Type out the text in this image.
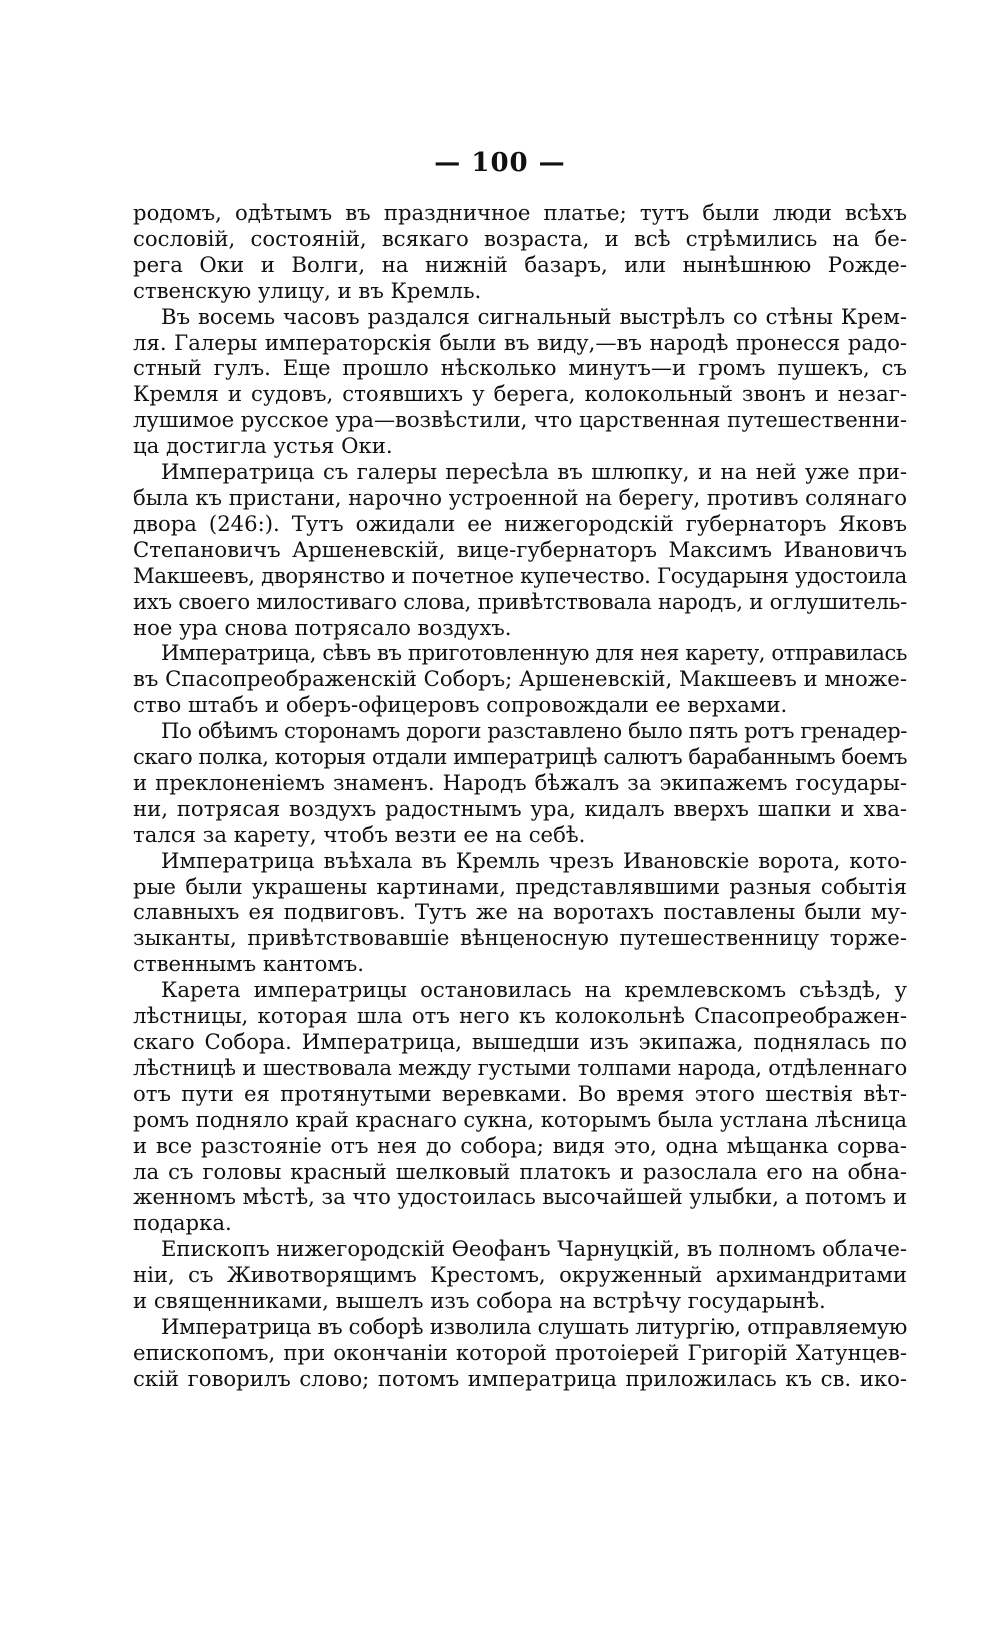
— 100 —
родомъ, одѣтымъ въ праздничное платье; тутъ были люди всѣхъ
сословій, состояній, всякаго возраста, и всѣ стрѣмились на бе-
рега Оки и Волги, на нижній базаръ, или нынѣшнюю Рожде-
ственскую улицу, и въ Кремль.
Въ восемь часовъ раздался сигнальный выстрѣлъ со стѣны Крем-
ля. Галеры императорскія были въ виду,—въ народѣ пронесся радо-
стный гулъ. Еще прошло нѣсколько минутъ—и громъ пушекъ, съ
Кремля и судовъ, стоявшихъ у берега, колокольный звонъ и незаг-
лушимое русское ура—возвѣстили, что царственная путешественни-
ца достигла устья Оки.
Императрица съ галеры пересѣла въ шлюпку, и на ней уже при-
была къ пристани, нарочно устроенной на берегу, противъ солянаго
двора (246:). Тутъ ожидали ее нижегородскій губернаторъ Яковъ
Степановичъ Аршеневскій, вице-губернаторъ Максимъ Ивановичъ
Макшеевъ, дворянство и почетное купечество. Государыня удостоила
ихъ своего милостиваго слова, привѣтствовала народъ, и оглушитель-
ное ура снова потрясало воздухъ.
Императрица, сѣвъ въ приготовленную для нея карету, отправилась
въ Спасопреображенскій Соборъ; Аршеневскій, Макшеевъ и множе-
ство штабъ и оберъ-офицеровъ сопровождали ее верхами.
По обѣимъ сторонамъ дороги разставлено было пять ротъ гренадер-
скаго полка, которыя отдали императрицѣ салютъ барабаннымъ боемъ
и преклоненіемъ знаменъ. Народъ бѣжалъ за экипажемъ государы-
ни, потрясая воздухъ радостнымъ ура, кидалъ вверхъ шапки и хва-
тался за карету, чтобъ везти ее на себѣ.
Императрица въѣхала въ Кремль чрезъ Ивановскіе ворота, кото-
рые были украшены картинами, представлявшими разныя событія
славныхъ ея подвиговъ. Тутъ же на воротахъ поставлены были му-
зыканты, привѣтствовавшіе вѣнценосную путешественницу торже-
ственнымъ кантомъ.
Карета императрицы остановилась на кремлевскомъ съѣздѣ, у
лѣстницы, которая шла отъ него къ колокольнѣ Спасопреображен-
скаго Собора. Императрица, вышедши изъ экипажа, поднялась по
лѣстницѣ и шествовала между густыми толпами народа, отдѣленнаго
отъ пути ея протянутыми веревками. Во время этого шествія вѣт-
ромъ подняло край краснаго сукна, которымъ была устлана лѣсница
и все разстояніе отъ нея до собора; видя это, одна мѣщанка сорва-
ла съ головы красный шелковый платокъ и разослала его на обна-
женномъ мѣстѣ, за что удостоилась высочайшей улыбки, а потомъ и
подарка.
Епископъ нижегородскій Ѳеофанъ Чарнуцкій, въ полномъ облаче-
ніи, съ Животворящимъ Крестомъ, окруженный архимандритами
и священниками, вышелъ изъ собора на встрѣчу государынѣ.
Императрица въ соборѣ изволила слушать литургію, отправляемую
епископомъ, при окончаніи которой протоіерей Григорій Хатунцев-
скій говорилъ слово; потомъ императрица приложилась къ св. ико-
